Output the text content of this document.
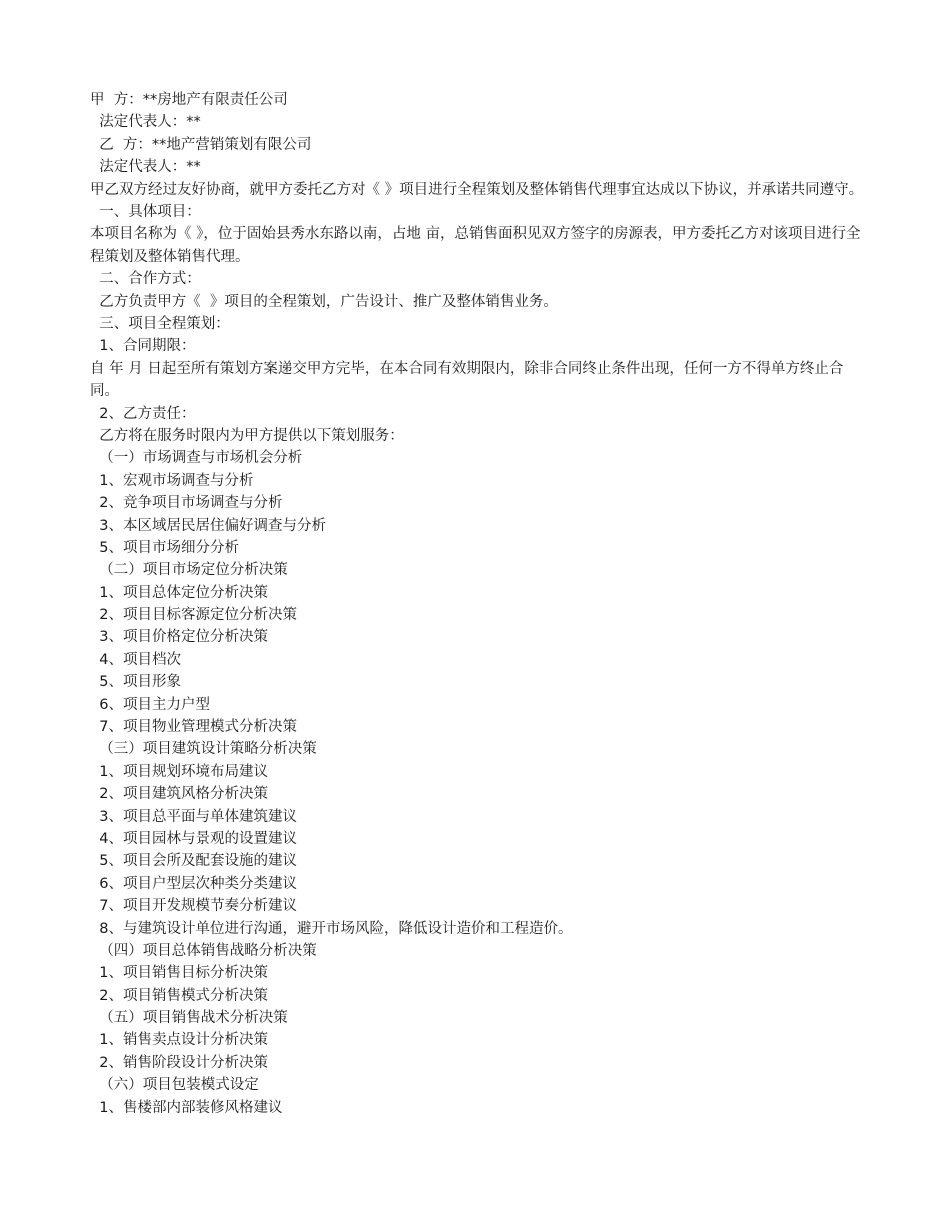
甲  方：**房地产有限责任公司
法定代表人：**
乙  方：**地产营销策划有限公司
法定代表人：**
甲乙双方经过友好协商，就甲方委托乙方对《 》项目进行全程策划及整体销售代理事宜达成以下协议，并承诺共同遵守。
一、具体项目：
本项目名称为《 》，位于固始县秀水东路以南，占地 亩，总销售面积见双方签字的房源表，甲方委托乙方对该项目进行全程策划及整体销售代理。
二、合作方式：
乙方负责甲方《  》项目的全程策划，广告设计、推广及整体销售业务。
三、项目全程策划：
1、合同期限：
自 年 月 日起至所有策划方案递交甲方完毕，在本合同有效期限内，除非合同终止条件出现，任何一方不得单方终止合同。
2、乙方责任：
乙方将在服务时限内为甲方提供以下策划服务：
（一）市场调查与市场机会分析
1、宏观市场调查与分析
2、竞争项目市场调查与分析
3、本区域居民居住偏好调查与分析
5、项目市场细分分析
（二）项目市场定位分析决策
1、项目总体定位分析决策
2、项目目标客源定位分析决策
3、项目价格定位分析决策
4、项目档次
5、项目形象
6、项目主力户型
7、项目物业管理模式分析决策
（三）项目建筑设计策略分析决策
1、项目规划环境布局建议
2、项目建筑风格分析决策
3、项目总平面与单体建筑建议
4、项目园林与景观的设置建议
5、项目会所及配套设施的建议
6、项目户型层次种类分类建议
7、项目开发规模节奏分析建议
8、与建筑设计单位进行沟通，避开市场风险，降低设计造价和工程造价。
（四）项目总体销售战略分析决策
1、项目销售目标分析决策
2、项目销售模式分析决策
（五）项目销售战术分析决策
1、销售卖点设计分析决策
2、销售阶段设计分析决策
（六）项目包装模式设定
1、售楼部内部装修风格建议
